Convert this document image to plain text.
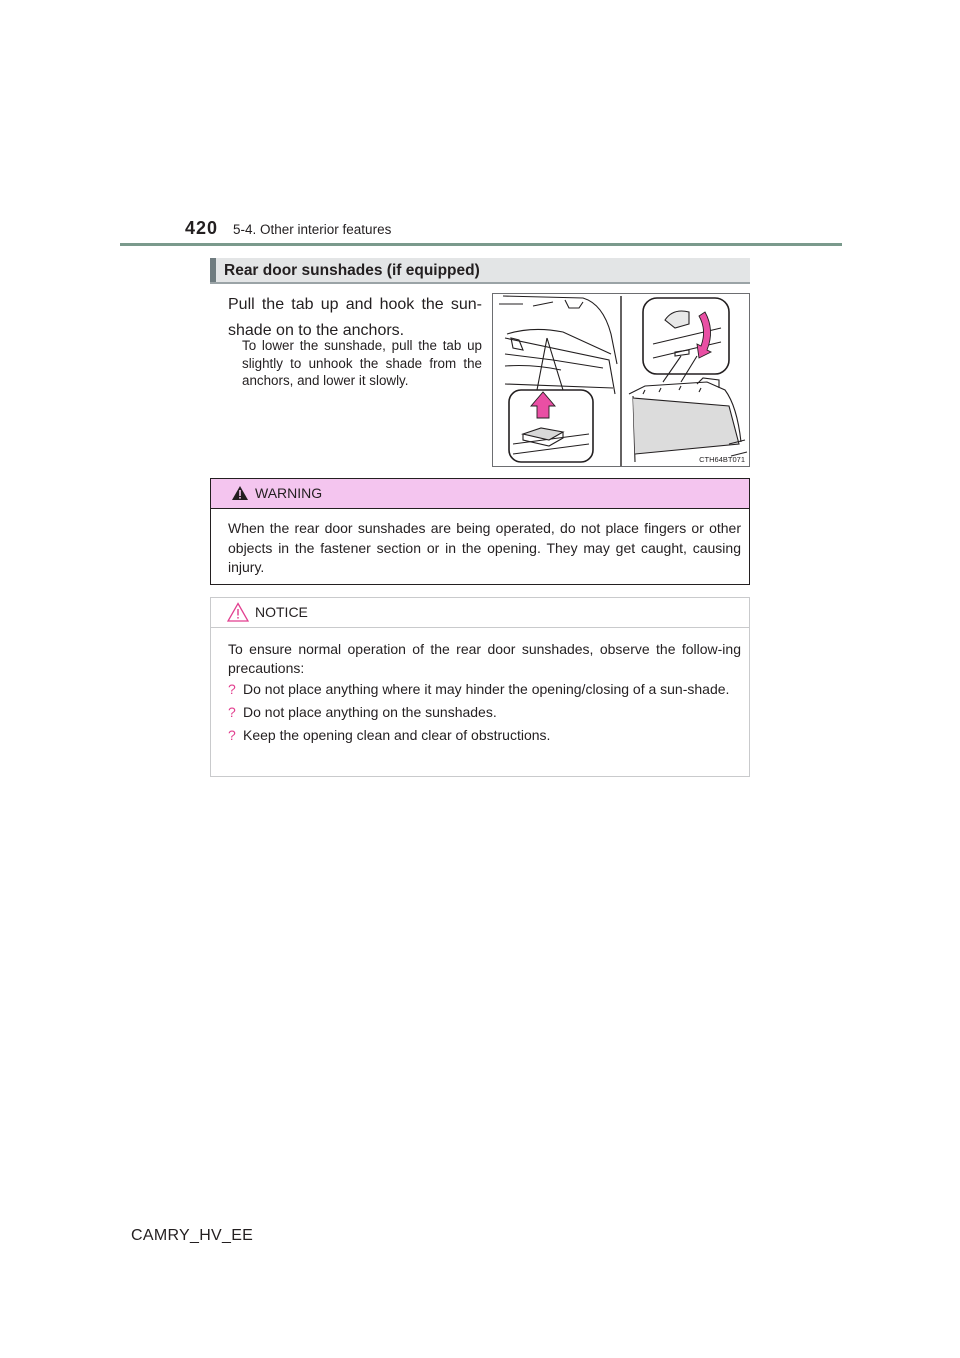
420 5-4. Other interior features
Rear door sunshades (if equipped)
Pull the tab up and hook the sun-shade on to the anchors.
To lower the sunshade, pull the tab up slightly to unhook the shade from the anchors, and lower it slowly.
CTH64BT071
WARNING
When the rear door sunshades are being operated, do not place fingers or other objects in the fastener section or in the opening. They may get caught, causing injury.
NOTICE
To ensure normal operation of the rear door sunshades, observe the follow-ing precautions:
? Do not place anything where it may hinder the opening/closing of a sun-shade.
? Do not place anything on the sunshades.
? Keep the opening clean and clear of obstructions.
CAMRY_HV_EE
